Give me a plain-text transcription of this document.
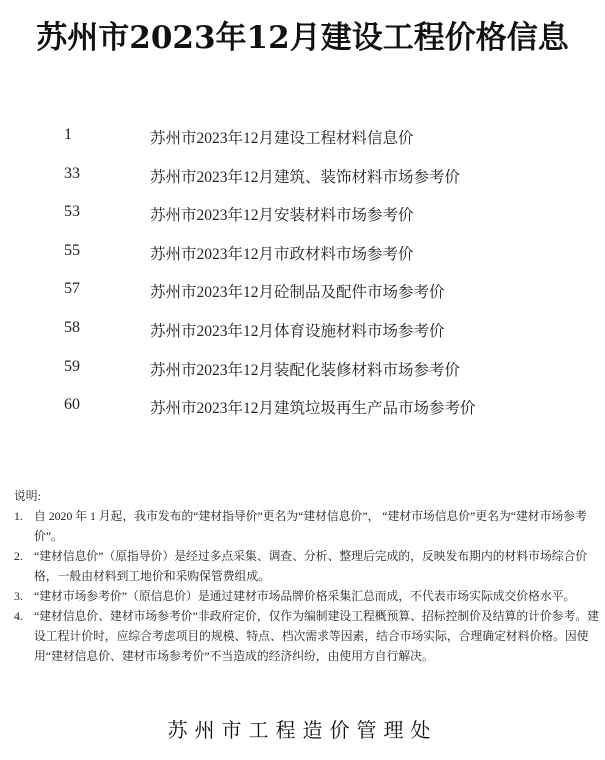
苏州市2023年12月建设工程价格信息
1	苏州市2023年12月建设工程材料信息价
33	苏州市2023年12月建筑、装饰材料市场参考价
53	苏州市2023年12月安装材料市场参考价
55	苏州市2023年12月市政材料市场参考价
57	苏州市2023年12月砼制品及配件市场参考价
58	苏州市2023年12月体育设施材料市场参考价
59	苏州市2023年12月装配化装修材料市场参考价
60	苏州市2023年12月建筑垃圾再生产品市场参考价

说明:

1. 自 2020 年 1 月起，我市发布的“建材指导价”更名为“建材信息价”， “建材市场信息价”更名为“建材市场参考价”。

2. “建材信息价”（原指导价）是经过多点采集、调查、分析、整理后完成的，反映发布期内的材料市场综合价格，一般由材料到工地价和采购保管费组成。

3. “建材市场参考价”（原信息价）是通过建材市场品牌价格采集汇总而成，不代表市场实际成交价格水平。

4. “建材信息价、建材市场参考价”非政府定价，仅作为编制建设工程概预算、招标控制价及结算的计价参考。建设工程计价时，应综合考虑项目的规模、特点、档次需求等因素，结合市场实际，合理确定材料价格。因使用“建材信息价、建材市场参考价”不当造成的经济纠纷，由使用方自行解决。

苏州市工程造价管理处
